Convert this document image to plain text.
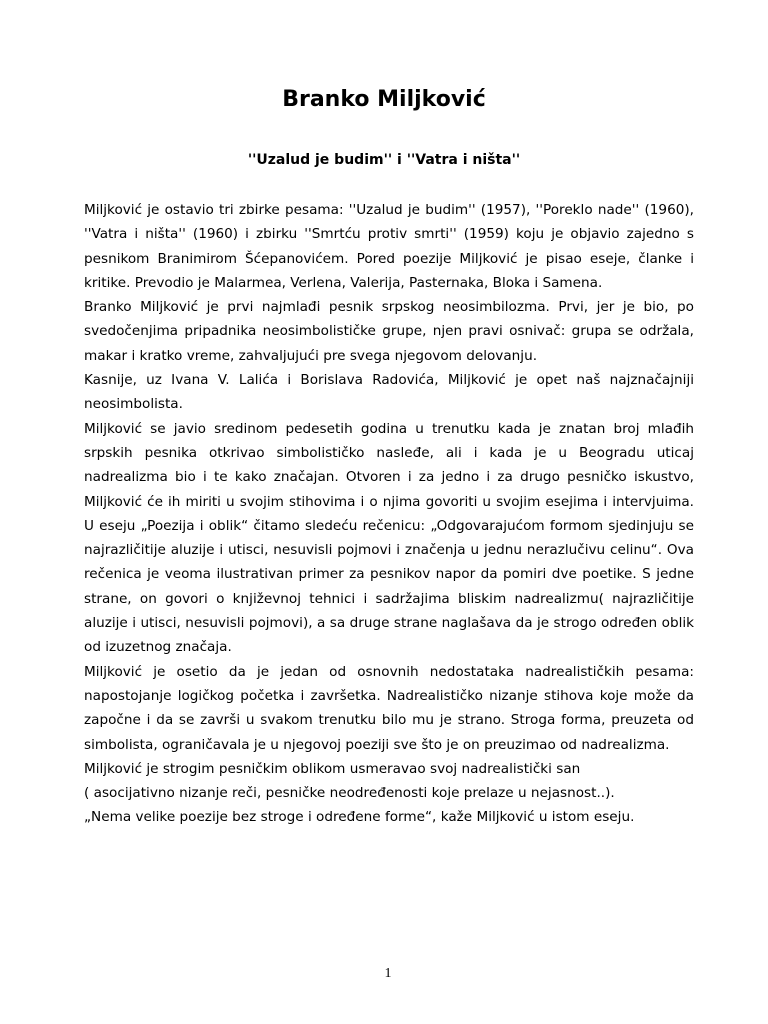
Branko Miljković
''Uzalud je budim'' i ''Vatra i ništa''

Miljković je ostavio tri zbirke pesama: ''Uzalud je budim'' (1957), ''Poreklo nade'' (1960), ''Vatra i ništa'' (1960) i zbirku ''Smrtću protiv smrti'' (1959) koju je objavio zajedno s pesnikom Branimirom Šćepanovićem. Pored poezije Miljković je pisao eseje, članke i kritike. Prevodio je Malarmea, Verlena, Valerija, Pasternaka, Bloka i Samena.

Branko Miljković je prvi najmlađi pesnik srpskog neosimbilozma. Prvi, jer je bio, po svedočenjima pripadnika neosimbolističke grupe, njen pravi osnivač: grupa se održala, makar i kratko vreme, zahvaljujući pre svega njegovom delovanju.

Kasnije, uz Ivana V. Lalića i Borislava Radovića, Miljković je opet naš najznačajniji neosimbolista.

Miljković se javio sredinom pedesetih godina u trenutku kada je znatan broj mlađih srpskih pesnika otkrivao simbolističko nasleđe, ali i kada je u Beogradu uticaj nadrealizma bio i te kako značajan. Otvoren i za jedno i za drugo pesničko iskustvo, Miljković će ih miriti u svojim stihovima i o njima govoriti u svojim esejima i intervjuima. U eseju „Poezija i oblik“ čitamo sledeću rečenicu: „Odgovarajućom formom sjedinjuju se najrazličitije aluzije i utisci, nesuvisli pojmovi i značenja u jednu nerazlučivu celinu“. Ova rečenica je veoma ilustrativan primer za pesnikov napor da pomiri dve poetike. S jedne strane, on govori o književnoj tehnici i sadržajima bliskim nadrealizmu( najrazličitije aluzije i utisci, nesuvisli pojmovi), a sa druge strane naglašava da je strogo određen oblik od izuzetnog značaja.

Miljković je osetio da je jedan od osnovnih nedostataka nadrealističkih pesama: napostojanje logičkog početka i završetka. Nadrealističko nizanje stihova koje može da započne i da se završi u svakom trenutku bilo mu je strano. Stroga forma, preuzeta od simbolista, ograničavala je u njegovoj poeziji sve što je on preuzimao od nadrealizma.

Miljković je strogim pesničkim oblikom usmeravao svoj nadrealistički san

( asocijativno nizanje reči, pesničke neodređenosti koje prelaze u nejasnost..).

„Nema velike poezije bez stroge i određene forme“, kaže Miljković u istom eseju.

1
